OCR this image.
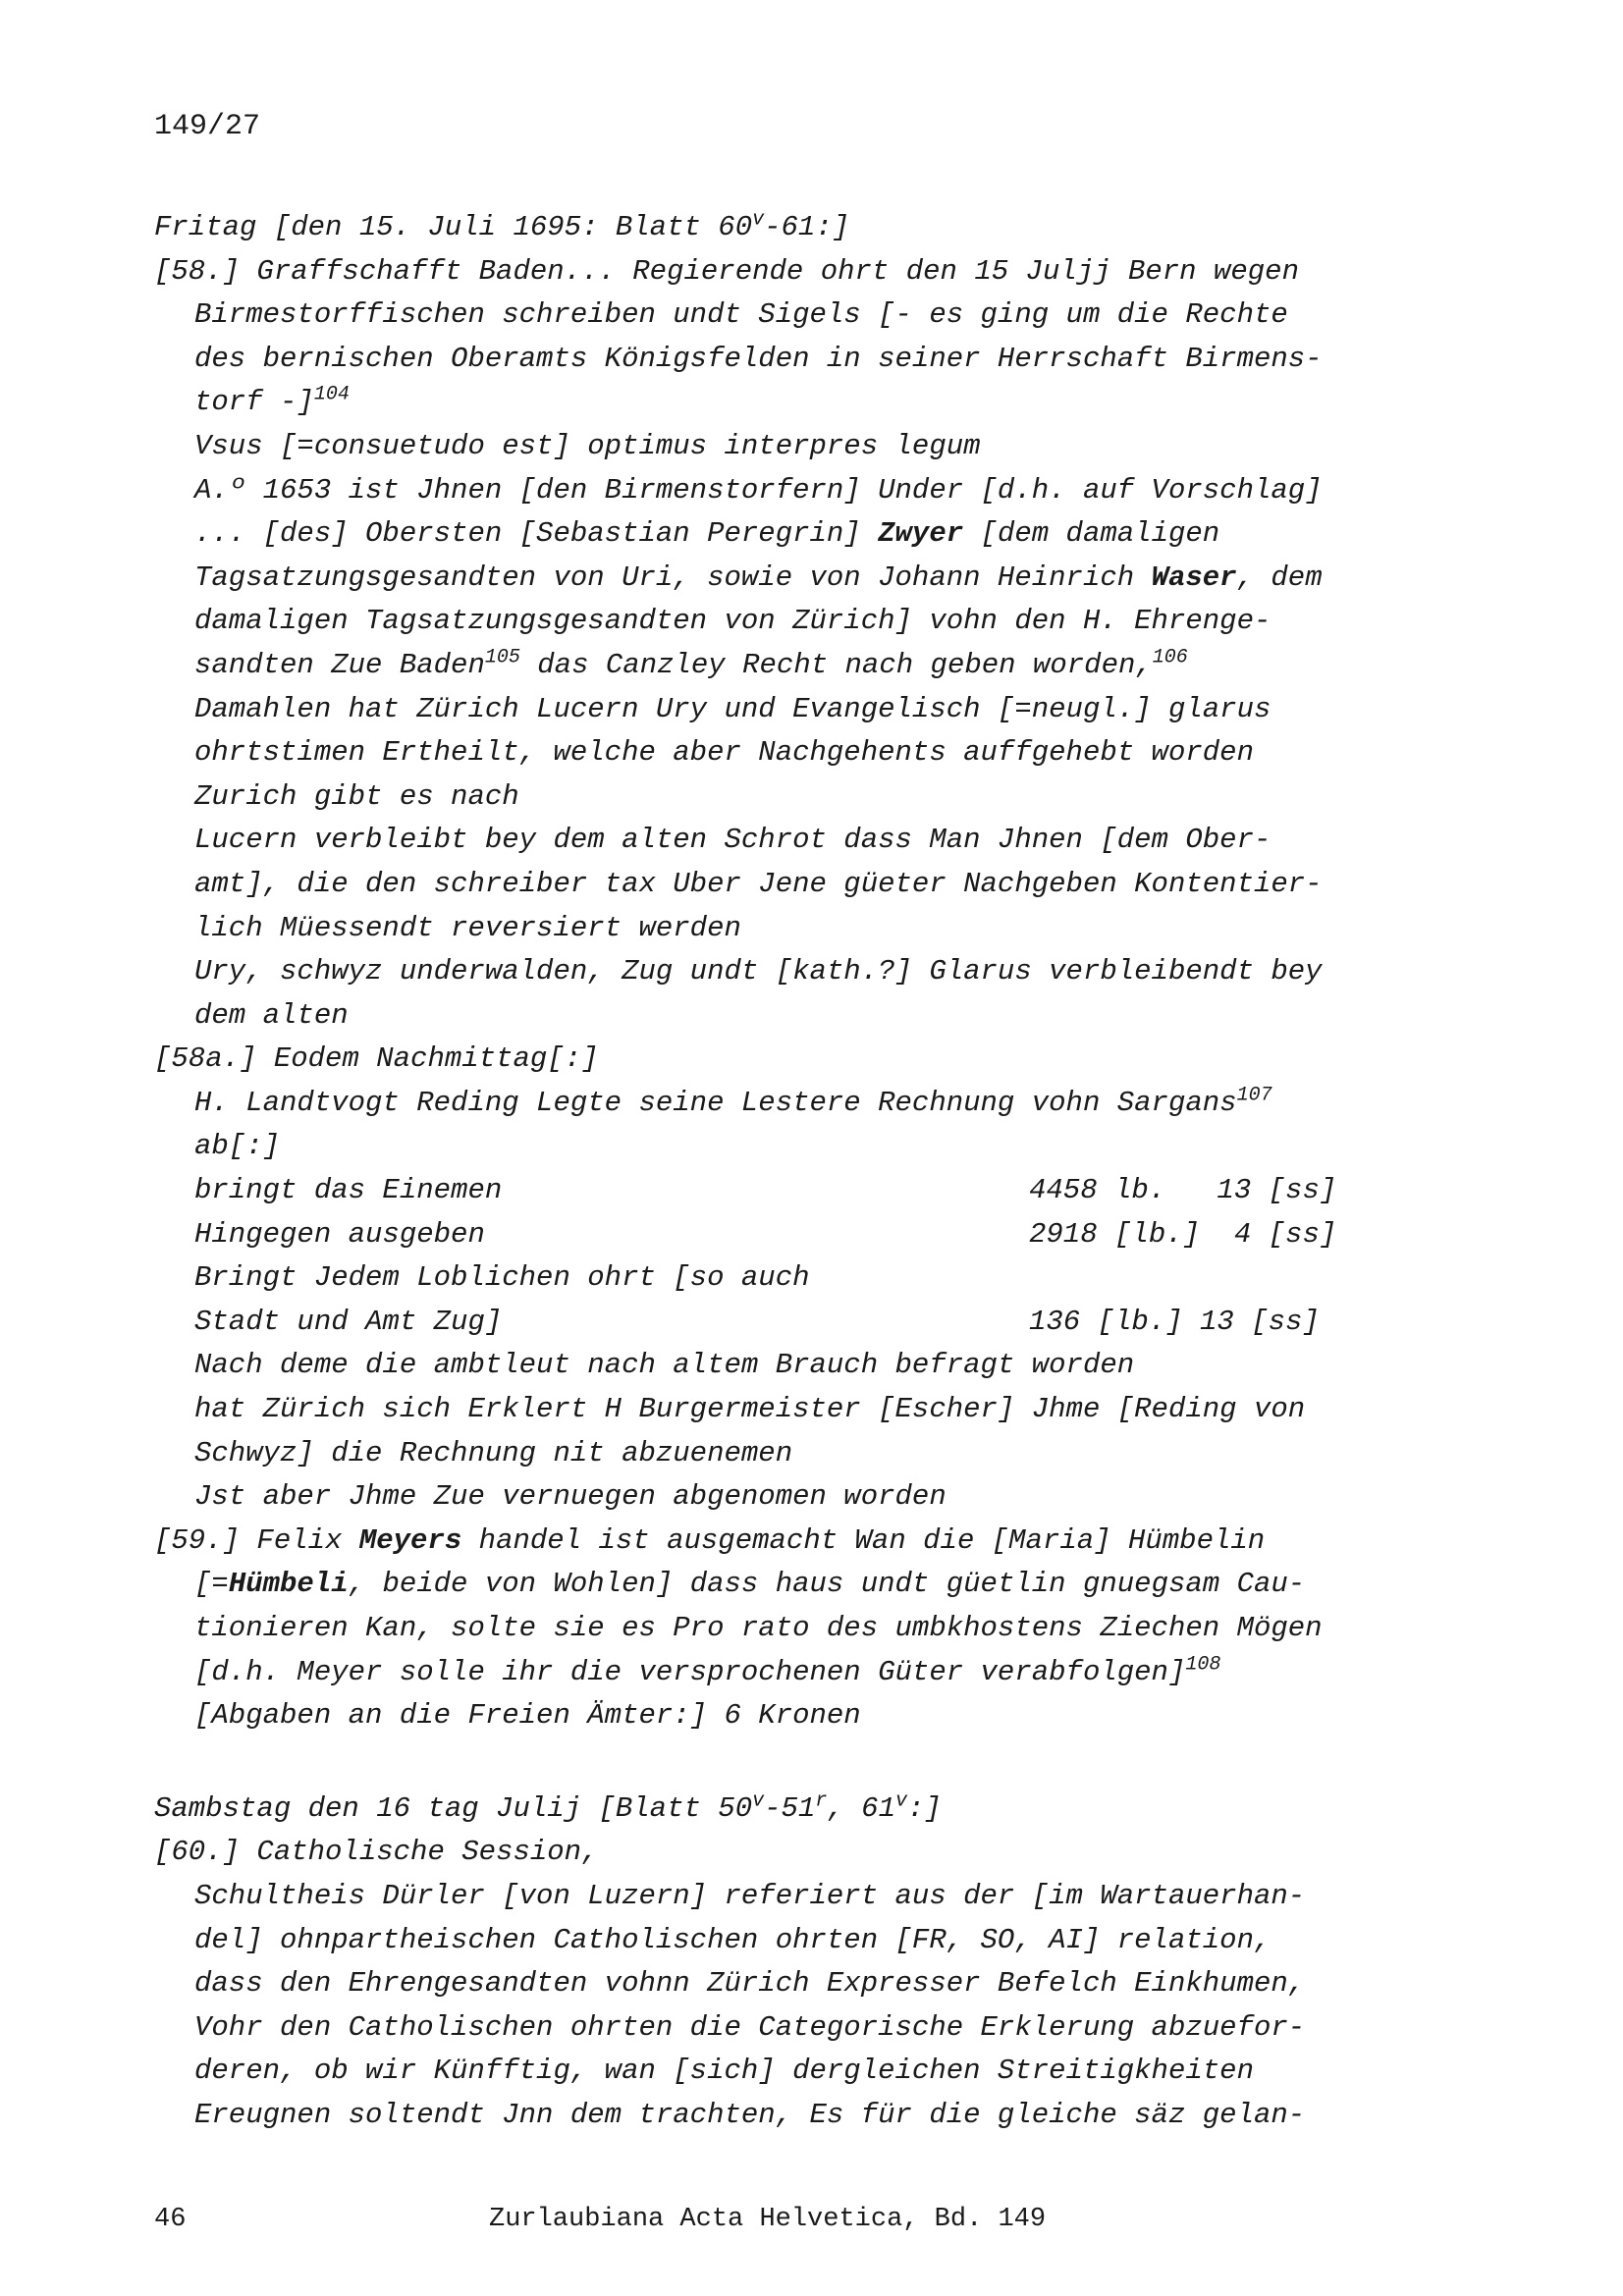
149/27
Fritag [den 15. Juli 1695: Blatt 60$^v$-61:]
[58.] Graffschafft Baden... Regierende ohrt den 15 Juljj Bern wegen
Birmestorffischen schreiben undt Sigels [- es ging um die Rechte
des bernischen Oberamts Königsfelden in seiner Herrschaft Birmens-
torf -]$^{104}$
Vsus [=consuetudo est] optimus interpres legum
A.º 1653 ist Jhnen [den Birmenstorfern] Under [d.h. auf Vorschlag]
... [des] Obersten [Sebastian Peregrin] Zwyer [dem damaligen
Tagsatzungsgesandten von Uri, sowie von Johann Heinrich Waser, dem
damaligen Tagsatzungsgesandten von Zürich] vohn den H. Ehrenge-
sandten Zue Baden$^{105}$ das Canzley Recht nach geben worden,$^{106}$
Damahlen hat Zürich Lucern Ury und Evangelisch [=neugl.] glarus
ohrtstimen Ertheilt, welche aber Nachgehents auffgehebt worden
Zurich gibt es nach
Lucern verbleibt bey dem alten Schrot dass Man Jhnen [dem Ober-
amt], die den schreiber tax Uber Jene güeter Nachgeben Kontentier-
lich Müessendt reversiert werden
Ury, schwyz underwalden, Zug undt [kath.?] Glarus verbleibendt bey
dem alten
[58a.] Eodem Nachmittag[:]
H. Landtvogt Reding Legte seine Lestere Rechnung vohn Sargans$^{107}$
ab[:]
bringt das Einemen	4458 lb.   13 [ss]
Hingegen ausgeben	2918 [lb.]  4 [ss]
Bringt Jedem Loblichen ohrt [so auch
Stadt und Amt Zug]	136 [lb.] 13 [ss]
Nach deme die ambtleut nach altem Brauch befragt worden
hat Zürich sich Erklert H Burgermeister [Escher] Jhme [Reding von
Schwyz] die Rechnung nit abzuenemen
Jst aber Jhme Zue vernuegen abgenomen worden
[59.] Felix Meyers handel ist ausgemacht Wan die [Maria] Hümbelin
[=Hümbeli, beide von Wohlen] dass haus undt güetlin gnuegsam Cau-
tionieren Kan, solte sie es Pro rato des umbkhostens Ziechen Mögen
[d.h. Meyer solle ihr die versprochenen Güter verabfolgen]$^{108}$
[Abgaben an die Freien Ämter:] 6 Kronen
Sambstag den 16 tag Julij [Blatt 50$^v$-51$^r$, 61$^v$:]
[60.] Catholische Session,
Schultheis Dürler [von Luzern] referiert aus der [im Wartauerhan-
del] ohnpartheischen Catholischen ohrten [FR, SO, AI] relation,
dass den Ehrengesandten vohnn Zürich Expresser Befelch Einkhumen,
Vohr den Catholischen ohrten die Categorische Erklerung abzuefor-
deren, ob wir Künfftig, wan [sich] dergleichen Streitigkheiten
Ereugnen soltendt Jnn dem trachten, Es für die gleiche säz gelan-
46	Zurlaubiana Acta Helvetica, Bd. 149
